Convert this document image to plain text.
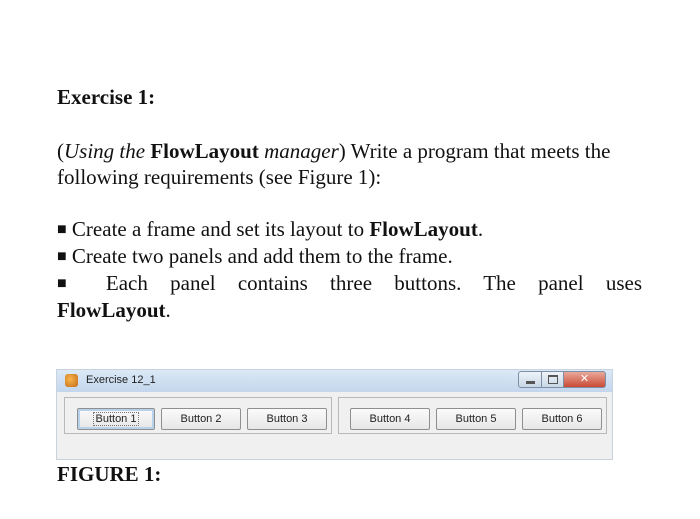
Exercise 1:
(Using the FlowLayout manager) Write a program that meets the following requirements (see Figure 1):
■ Create a frame and set its layout to FlowLayout.
■ Create two panels and add them to the frame.
■ Each panel contains three buttons. The panel uses
FlowLayout.
Exercise 12_1	✕
Button 1	Button 2	Button 3	Button 4	Button 5	Button 6
FIGURE 1:
